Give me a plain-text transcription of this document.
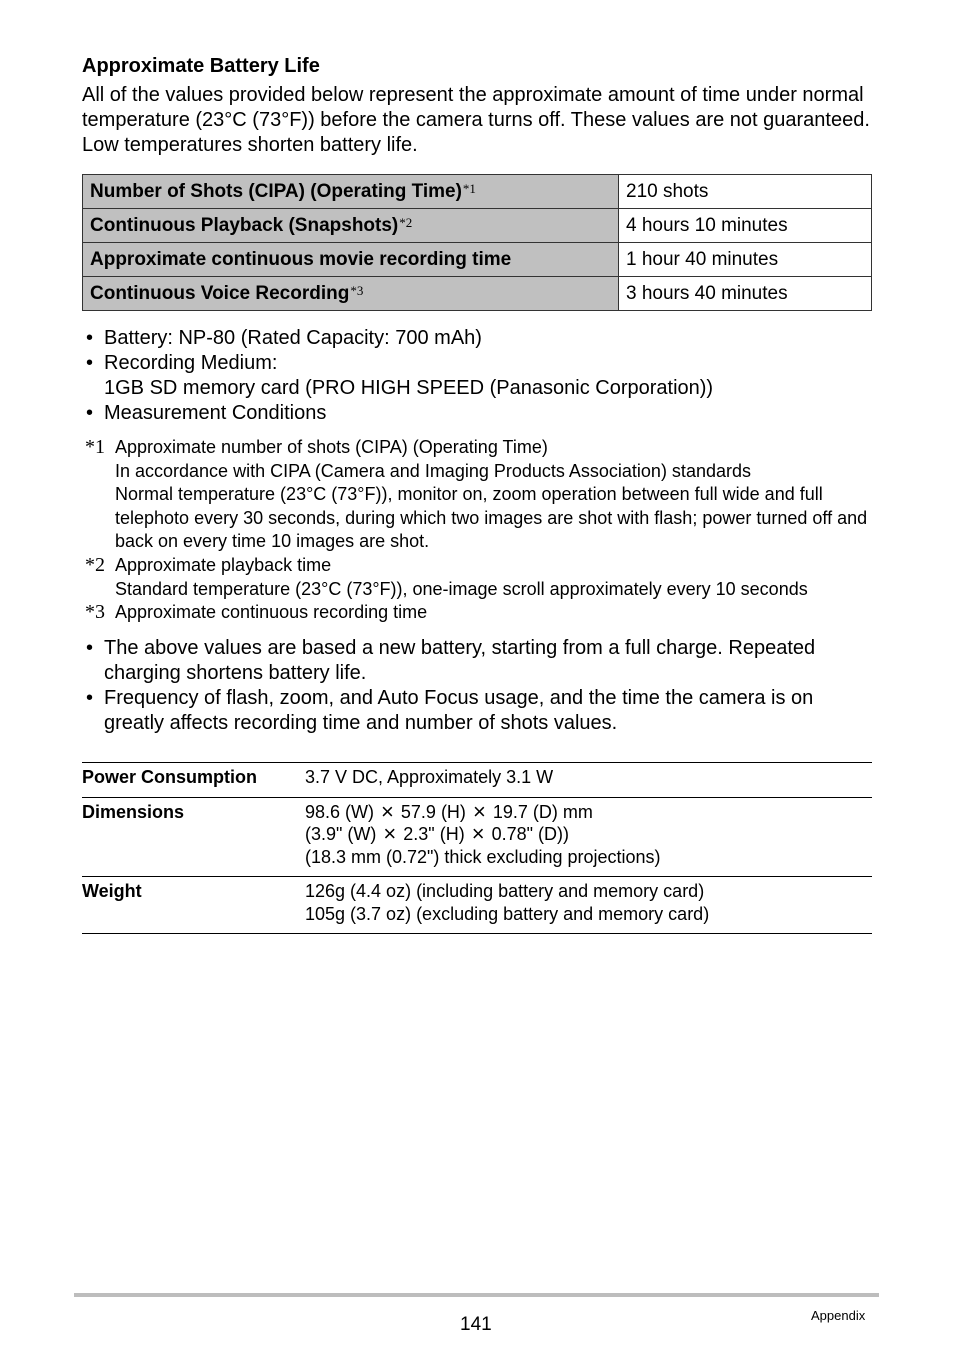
Approximate Battery Life
All of the values provided below represent the approximate amount of time under normal temperature (23°C (73°F)) before the camera turns off. These values are not guaranteed. Low temperatures shorten battery life.
Number of Shots (CIPA) (Operating Time)$^{*1}$	210 shots
Continuous Playback (Snapshots)$^{*2}$	4 hours 10 minutes
Approximate continuous movie recording time	1 hour 40 minutes
Continuous Voice Recording$^{*3}$	3 hours 40 minutes
• Battery: NP-80 (Rated Capacity: 700 mAh)
• Recording Medium:
1GB SD memory card (PRO HIGH SPEED (Panasonic Corporation))
• Measurement Conditions
*1 Approximate number of shots (CIPA) (Operating Time)
In accordance with CIPA (Camera and Imaging Products Association) standards
Normal temperature (23°C (73°F)), monitor on, zoom operation between full wide and full telephoto every 30 seconds, during which two images are shot with flash; power turned off and back on every time 10 images are shot.
*2 Approximate playback time
Standard temperature (23°C (73°F)), one-image scroll approximately every 10 seconds
*3 Approximate continuous recording time
• The above values are based a new battery, starting from a full charge. Repeated charging shortens battery life.
• Frequency of flash, zoom, and Auto Focus usage, and the time the camera is on greatly affects recording time and number of shots values.
Power Consumption	3.7 V DC, Approximately 3.1 W
Dimensions	98.6 (W) × 57.9 (H) × 19.7 (D) mm
(3.9" (W) × 2.3" (H) × 0.78" (D))
(18.3 mm (0.72") thick excluding projections)

Weight	126g (4.4 oz) (including battery and memory card)
105g (3.7 oz) (excluding battery and memory card)
141	Appendix
